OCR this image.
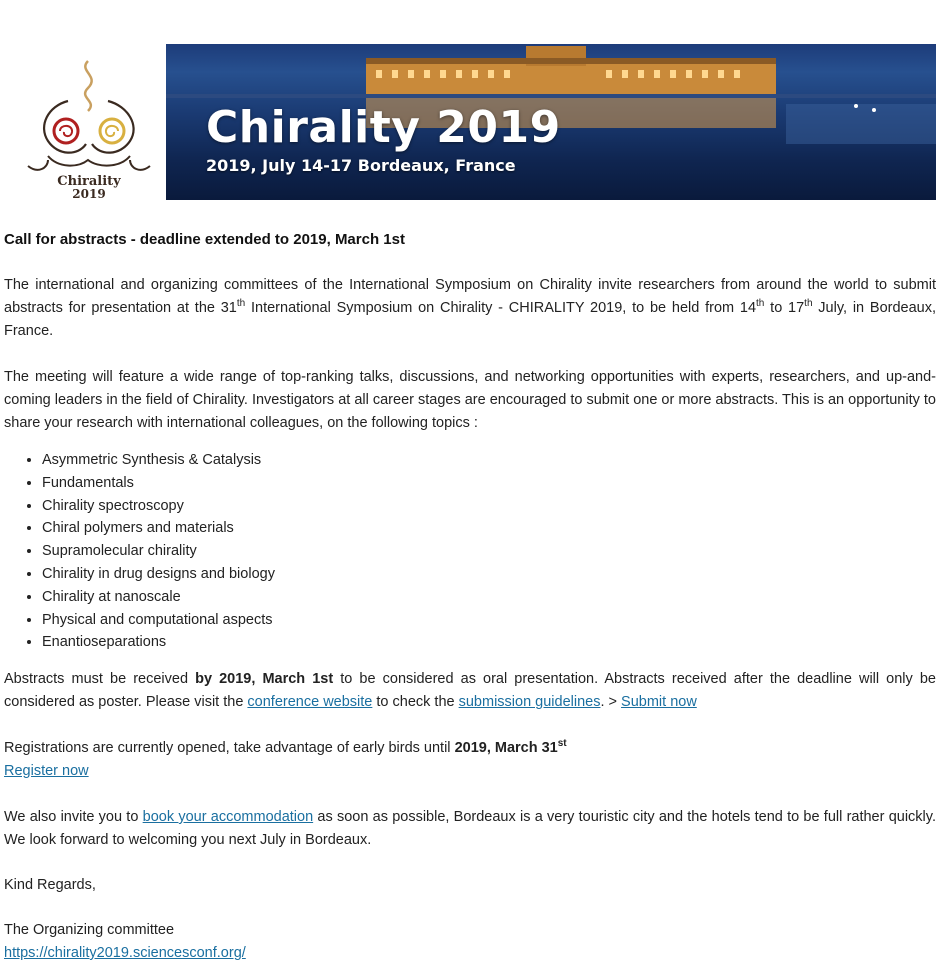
Chirality
2019
Chirality 2019
2019, July 14-17 Bordeaux, France
Call for abstracts - deadline extended to 2019, March 1st

The international and organizing committees of the International Symposium on Chirality invite researchers from around the world to submit abstracts for presentation at the 31th International Symposium on Chirality - CHIRALITY 2019, to be held from 14th to 17th July, in Bordeaux, France.

The meeting will feature a wide range of top-ranking talks, discussions, and networking opportunities with experts, researchers, and up-and-coming leaders in the field of Chirality. Investigators at all career stages are encouraged to submit one or more abstracts. This is an opportunity to share your research with international colleagues, on the following topics :

• Asymmetric Synthesis & Catalysis
• Fundamentals
• Chirality spectroscopy
• Chiral polymers and materials
• Supramolecular chirality
• Chirality in drug designs and biology
• Chirality at nanoscale
• Physical and computational aspects
• Enantioseparations

Abstracts must be received by 2019, March 1st to be considered as oral presentation. Abstracts received after the deadline will only be considered as poster. Please visit the conference website to check the submission guidelines. > Submit now

Registrations are currently opened, take advantage of early birds until 2019, March 31st
Register now

We also invite you to book your accommodation as soon as possible, Bordeaux is a very touristic city and the hotels tend to be full rather quickly. We look forward to welcoming you next July in Bordeaux.

Kind Regards,

The Organizing committee
https://chirality2019.sciencesconf.org/
